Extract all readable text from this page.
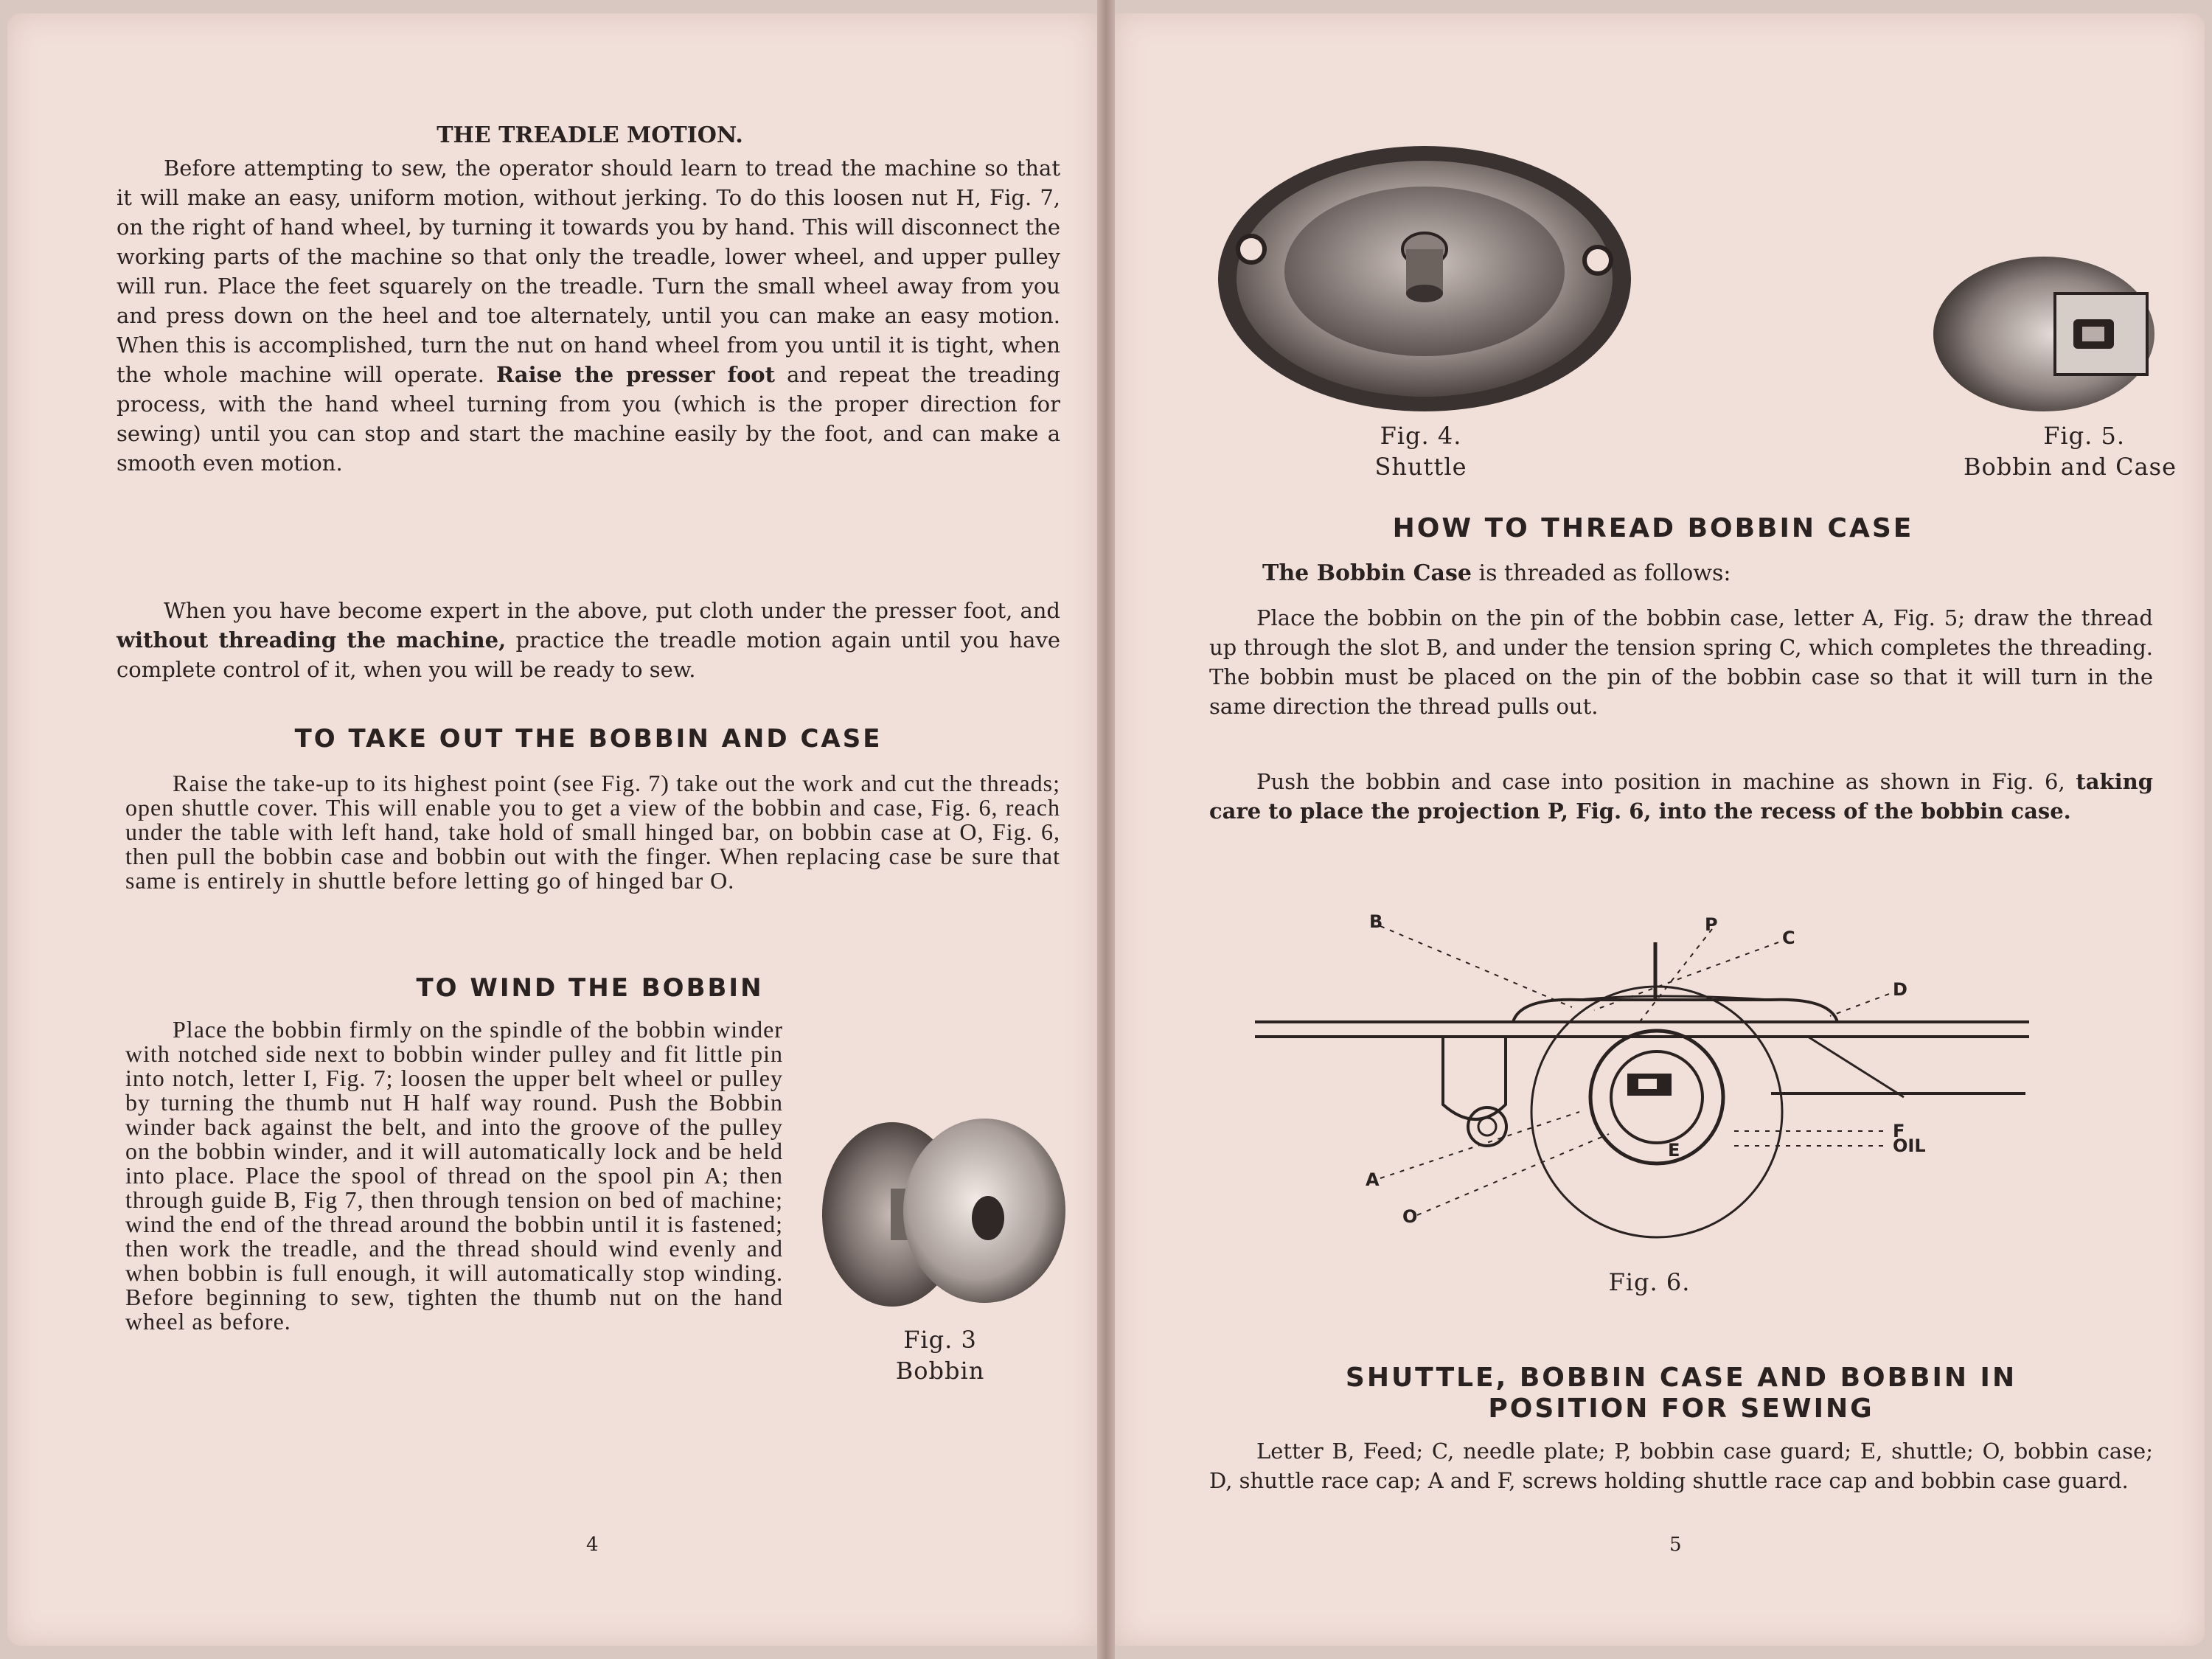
THE TREADLE MOTION.

Before attempting to sew, the operator should learn to tread the machine so that it will make an easy, uniform motion, without jerking. To do this loosen nut H, Fig. 7, on the right of hand wheel, by turning it towards you by hand. This will disconnect the working parts of the machine so that only the treadle, lower wheel, and upper pulley will run. Place the feet squarely on the treadle. Turn the small wheel away from you and press down on the heel and toe alternately, until you can make an easy motion. When this is accomplished, turn the nut on hand wheel from you until it is tight, when the whole machine will operate. Raise the presser foot and repeat the treading process, with the hand wheel turning from you (which is the proper direction for sewing) until you can stop and start the machine easily by the foot, and can make a smooth even motion.

When you have become expert in the above, put cloth under the presser foot, and without threading the machine, practice the treadle motion again until you have complete control of it, when you will be ready to sew.

TO TAKE OUT THE BOBBIN AND CASE

Raise the take-up to its highest point (see Fig. 7) take out the work and cut the threads; open shuttle cover. This will enable you to get a view of the bobbin and case, Fig. 6, reach under the table with left hand, take hold of small hinged bar, on bobbin case at O, Fig. 6, then pull the bobbin case and bobbin out with the finger. When replacing case be sure that same is entirely in shuttle before letting go of hinged bar O.

TO WIND THE BOBBIN

Place the bobbin firmly on the spindle of the bobbin winder with notched side next to bobbin winder pulley and fit little pin into notch, letter I, Fig. 7; loosen the upper belt wheel or pulley by turning the thumb nut H half way round. Push the Bobbin winder back against the belt, and into the groove of the pulley on the bobbin winder, and it will automatically lock and be held into place. Place the spool of thread on the spool pin A; then through guide B, Fig 7, then through tension on bed of machine; wind the end of the thread around the bobbin until it is fastened; then work the treadle, and the thread should wind evenly and when bobbin is full enough, it will automatically stop winding. Before beginning to sew, tighten the thumb nut on the hand wheel as before.

Fig. 3
Bobbin
4
Fig. 4.
Shuttle
Fig. 5.
Bobbin and Case
HOW TO THREAD BOBBIN CASE

The Bobbin Case is threaded as follows:

Place the bobbin on the pin of the bobbin case, letter A, Fig. 5; draw the thread up through the slot B, and under the tension spring C, which completes the threading. The bobbin must be placed on the pin of the bobbin case so that it will turn in the same direction the thread pulls out.

Push the bobbin and case into position in machine as shown in Fig. 6, taking care to place the projection P, Fig. 6, into the recess of the bobbin case.

B	P
C
D
F
OIL
A
E
O
Fig. 6.
SHUTTLE, BOBBIN CASE AND BOBBIN IN
POSITION FOR SEWING

Letter B, Feed; C, needle plate; P, bobbin case guard; E, shuttle; O, bobbin case; D, shuttle race cap; A and F, screws holding shuttle race cap and bobbin case guard.

5
